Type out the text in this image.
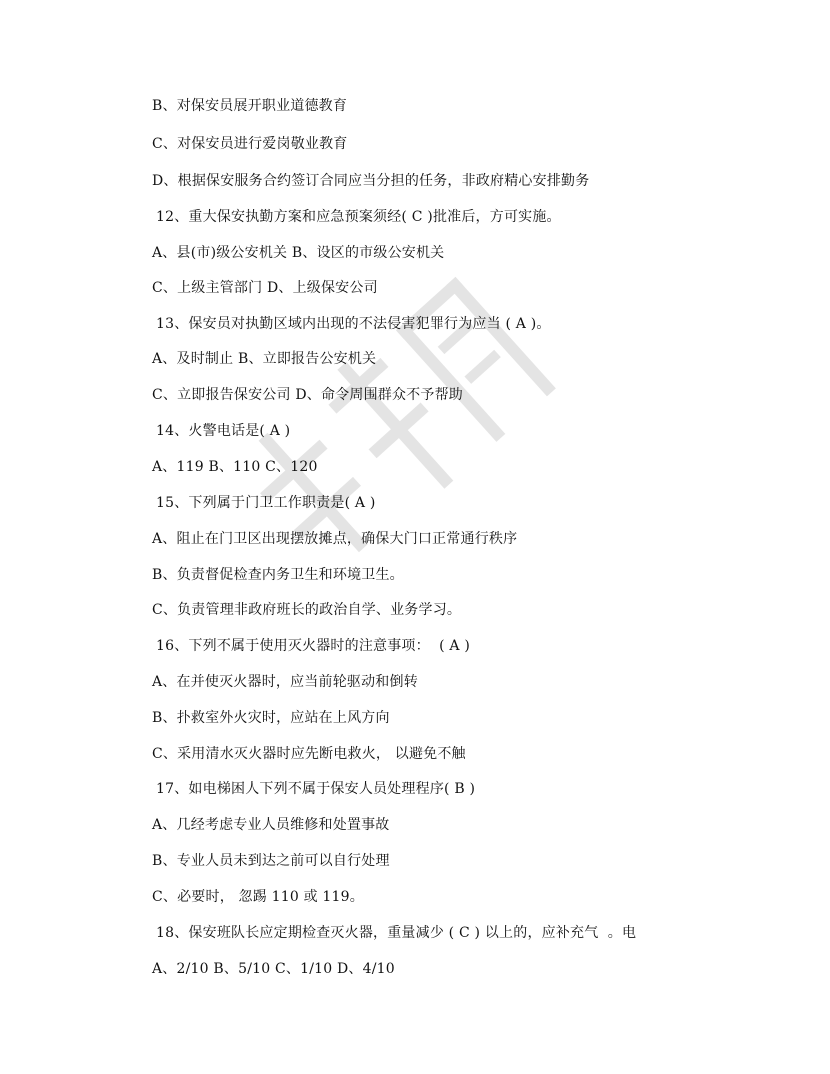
B、对保安员展开职业道德教育
C、对保安员进行爱岗敬业教育
D、根据保安服务合约签订合同应当分担的任务，非政府精心安排勤务
12、重大保安执勤方案和应急预案须经( C )批准后，方可实施。
A、县(市)级公安机关 B、设区的市级公安机关
C、上级主管部门 D、上级保安公司
13、保安员对执勤区域内出现的不法侵害犯罪行为应当 ( A )。
A、及时制止 B、立即报告公安机关
C、立即报告保安公司 D、命令周围群众不予帮助
14、火警电话是( A )
A、119 B、110 C、120
15、下列属于门卫工作职责是( A )
A、阻止在门卫区出现摆放摊点，确保大门口正常通行秩序
B、负责督促检查内务卫生和环境卫生。
C、负责管理非政府班长的政治自学、业务学习。
16、下列不属于使用灭火器时的注意事项：  ( A )
A、在并使灭火器时，应当前轮驱动和倒转
B、扑救室外火灾时，应站在上风方向
C、采用清水灭火器时应先断电救火， 以避免不触
17、如电梯困人下列不属于保安人员处理程序( B )
A、几经考虑专业人员维修和处置事故
B、专业人员未到达之前可以自行处理
C、必要时， 忽踢 110 或 119。
18、保安班队长应定期检查灭火器，重量减少 ( C ) 以上的，应补充气  。电
A、2/10 B、5/10 C、1/10 D、4/10
